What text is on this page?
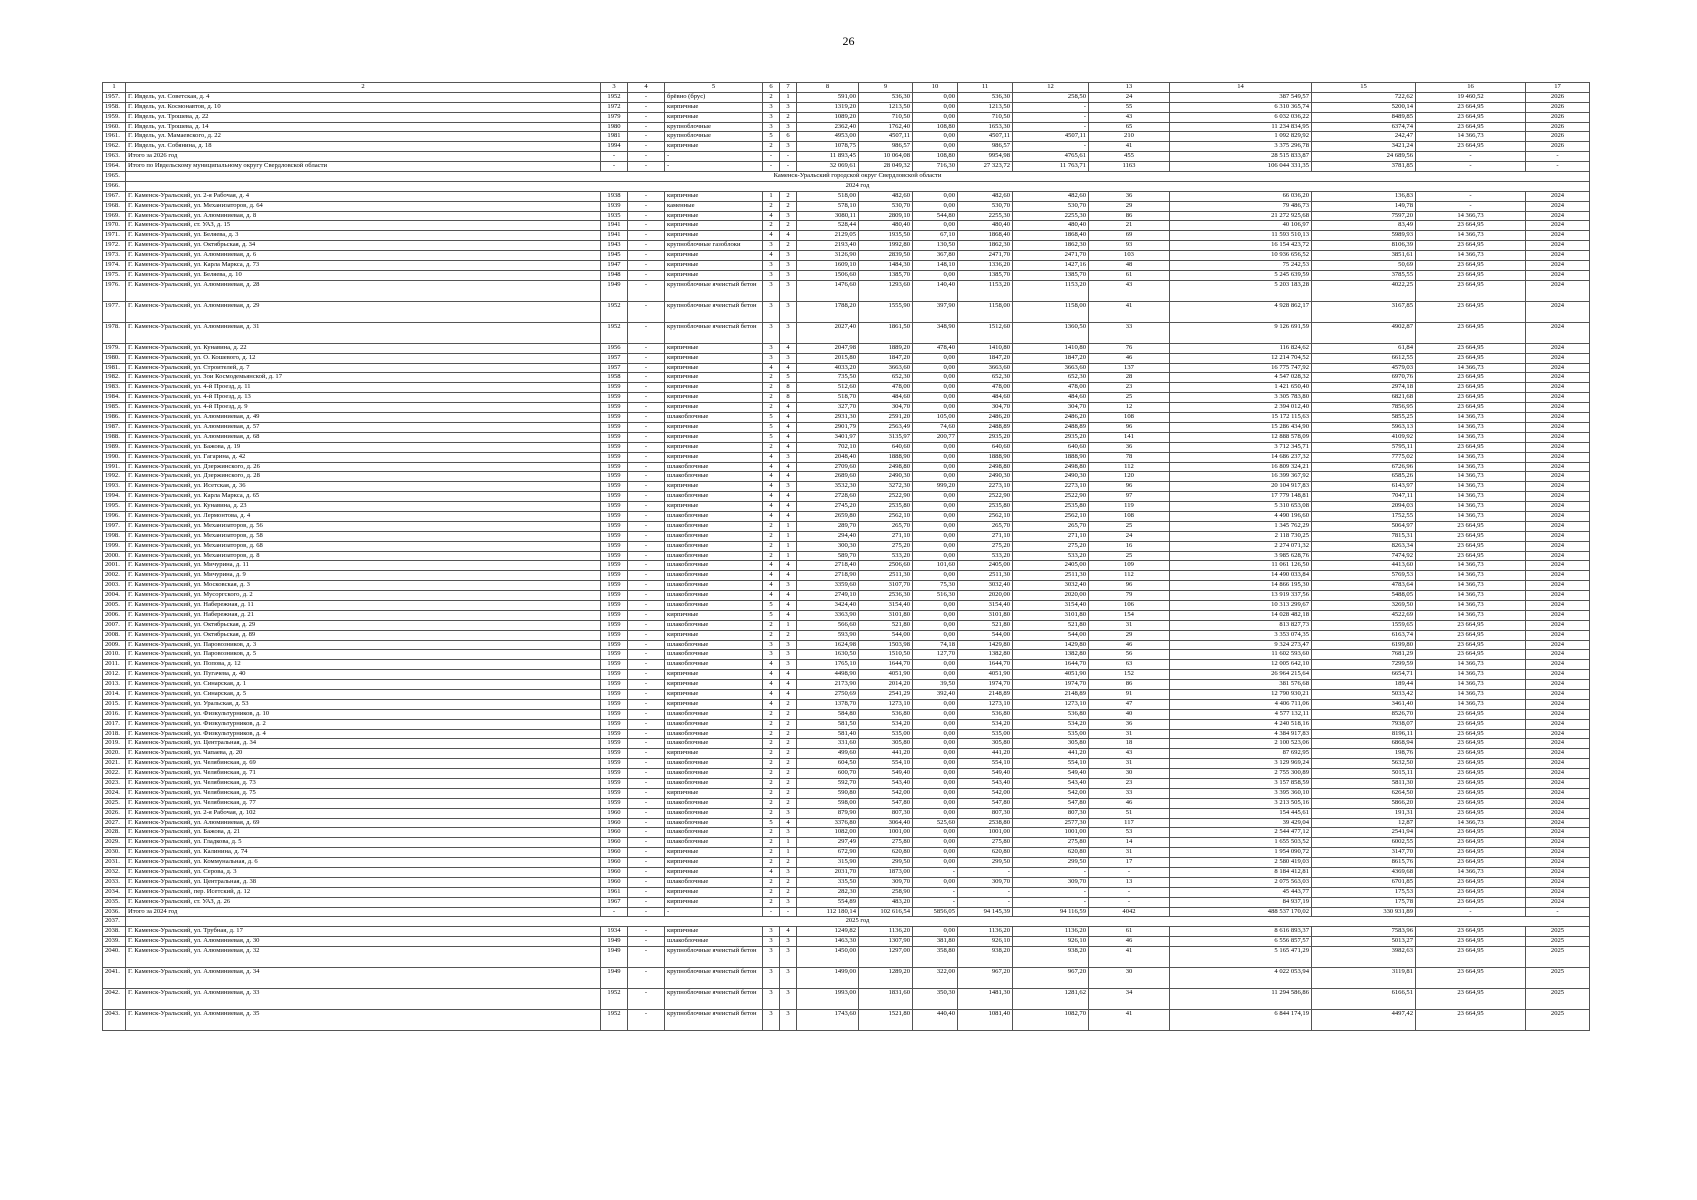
26
1	2	3	4	5	6	7	8	9	10	11	12	13	14	15	16	17
1957.	Г. Ивдель, ул. Советская, д. 4	1952	-	брёвно (брус)	2	1	591,00	536,30	0,00	536,30	258,50	24	387 549,57	722,62	19 460,52	2026
1958.	Г. Ивдель, ул. Космонавтов, д. 10	1972	-	кирпичные	3	3	1319,20	1213,50	0,00	1213,50	-	55	6 310 365,74	5200,14	23 664,95	2026
1959.	Г. Ивдель, ул. Трошева, д. 22	1979	-	кирпичные	3	2	1089,20	710,50	0,00	710,50	-	43	6 032 036,22	8489,85	23 664,95	2026
1960.	Г. Ивдель, ул. Трошева, д. 14	1980	-	крупноблочные	3	3	2362,40	1762,40	108,80	1653,30	-	65	11 234 834,95	6374,74	23 664,95	2026
1961.	Г. Ивдель, ул. Мамаевского, д. 22	1981	-	крупноблочные	5	6	4953,00	4507,11	0,00	4507,11	4507,11	210	1 092 829,92	242,47	14 366,73	2026
1962.	Г. Ивдель, ул. Собянина, д. 18	1994	-	кирпичные	2	3	1078,75	986,57	0,00	986,57	-	41	3 375 296,78	3421,24	23 664,95	2026
1963.	Итого за 2026 год	-	-	-	-	-	11 893,45	10 064,08	108,80	9954,98	4765,61	455	28 515 833,87	24 689,56	-	-
1964.	Итого по Ивдельскому муниципальному округу Свердловской области	-	-	-	-	-	32 069,61	28 049,32	716,30	27 323,72	11 763,71	1163	106 044 331,35	3781,85	-	-
1965.	Каменск-Уральский городской округ Свердловской области															
1966.	2024 год															
1967.	Г. Каменск-Уральский, ул. 2-я Рабочая, д. 4	1938	-	кирпичные	1	2	518,00	482,60	0,00	482,60	482,60	36	66 036,20	136,83	-	2024
1968.	Г. Каменск-Уральский, ул. Механизаторов, д. 64	1939	-	каменные	2	2	578,10	530,70	0,00	530,70	530,70	29	79 486,73	149,78	-	2024
1969.	Г. Каменск-Уральский, ул. Алюминиевая, д. 8	1935	-	кирпичные	4	3	3080,11	2809,10	544,80	2255,30	2255,30	86	21 272 925,68	7597,20	14 366,73	2024
1970.	Г. Каменск-Уральский, ст. УАЗ, д. 15	1941	-	кирпичные	2	2	528,44	480,40	0,00	480,40	480,40	21	40 106,97	83,49	23 664,95	2024
1971.	Г. Каменск-Уральский, ул. Беляева, д. 3	1941	-	кирпичные	4	4	2129,05	1935,50	67,10	1868,40	1868,40	69	11 593 510,13	5989,93	14 366,73	2024
1972.	Г. Каменск-Уральский, ул. Октябрьская, д. 34	1943	-	крупноблочные газоблоки	3	2	2193,40	1992,80	130,50	1862,30	1862,30	93	16 154 423,72	8106,39	23 664,95	2024
1973.	Г. Каменск-Уральский, ул. Алюминиевая, д. 6	1945	-	кирпичные	4	3	3126,90	2839,50	367,80	2471,70	2471,70	103	10 936 656,52	3851,61	14 366,73	2024
1974.	Г. Каменск-Уральский, ул. Карла Маркса, д. 73	1947	-	кирпичные	3	3	1609,10	1484,30	148,10	1336,20	1427,16	48	75 242,53	50,69	23 664,95	2024
1975.	Г. Каменск-Уральский, ул. Беляева, д. 10	1948	-	кирпичные	3	3	1506,60	1385,70	0,00	1385,70	1385,70	61	5 245 639,59	3785,55	23 664,95	2024
1976.	Г. Каменск-Уральский, ул. Алюминиевая, д. 28	1949	-	крупноблочные ячеистый бетон	3	3	1476,60	1293,60	140,40	1153,20	1153,20	43	5 203 183,28	4022,25	23 664,95	2024
1977.	Г. Каменск-Уральский, ул. Алюминиевая, д. 29	1952	-	крупноблочные ячеистый бетон	3	3	1788,20	1555,90	397,90	1158,00	1158,00	41	4 928 862,17	3167,85	23 664,95	2024
1978.	Г. Каменск-Уральский, ул. Алюминиевая, д. 31	1952	-	крупноблочные ячеистый бетон	3	3	2027,40	1861,50	348,90	1512,60	1360,50	33	9 126 691,59	4902,87	23 664,95	2024
1979.	Г. Каменск-Уральский, ул. Кунавина, д. 22	1956	-	кирпичные	3	4	2047,98	1889,20	478,40	1410,80	1410,80	76	116 824,62	61,84	23 664,95	2024
1980.	Г. Каменск-Уральский, ул. О. Кошевого, д. 12	1957	-	кирпичные	3	3	2015,80	1847,20	0,00	1847,20	1847,20	46	12 214 704,52	6612,55	23 664,95	2024
1981.	Г. Каменск-Уральский, ул. Строителей, д. 7	1957	-	кирпичные	4	4	4033,20	3663,60	0,00	3663,60	3663,60	137	16 775 747,92	4579,03	14 366,73	2024
1982.	Г. Каменск-Уральский, ул. Зои Космодемьянской, д. 17	1958	-	кирпичные	2	5	735,50	652,30	0,00	652,30	652,30	28	4 547 028,32	6970,76	23 664,95	2024
1983.	Г. Каменск-Уральский, ул. 4-й Проезд, д. 11	1959	-	кирпичные	2	8	512,60	478,00	0,00	478,00	478,00	23	1 421 650,40	2974,18	23 664,95	2024
1984.	Г. Каменск-Уральский, ул. 4-й Проезд, д. 13	1959	-	кирпичные	2	8	518,70	484,60	0,00	484,60	484,60	25	3 305 783,80	6821,68	23 664,95	2024
1985.	Г. Каменск-Уральский, ул. 4-й Проезд, д. 9	1959	-	кирпичные	2	4	327,70	304,70	0,00	304,70	304,70	12	2 394 012,40	7856,95	23 664,95	2024
1986.	Г. Каменск-Уральский, ул. Алюминиевая, д. 49	1959	-	шлакоблочные	5	4	2931,30	2591,20	105,00	2486,20	2486,20	108	15 172 115,63	5855,25	14 366,73	2024
1987.	Г. Каменск-Уральский, ул. Алюминиевая, д. 57	1959	-	кирпичные	5	4	2901,79	2563,49	74,60	2488,89	2488,89	96	15 286 434,90	5963,13	14 366,73	2024
1988.	Г. Каменск-Уральский, ул. Алюминиевая, д. 68	1959	-	кирпичные	5	4	3401,97	3135,97	200,77	2935,20	2935,20	141	12 888 578,09	4109,92	14 366,73	2024
1989.	Г. Каменск-Уральский, ул. Бажова, д. 19	1959	-	кирпичные	2	4	702,10	640,60	0,00	640,60	640,60	36	3 712 345,71	5795,11	23 664,95	2024
1990.	Г. Каменск-Уральский, ул. Гагарина, д. 42	1959	-	кирпичные	4	3	2048,40	1888,90	0,00	1888,90	1888,90	78	14 686 237,32	7775,02	14 366,73	2024
1991.	Г. Каменск-Уральский, ул. Дзержинского, д. 26	1959	-	шлакоблочные	4	4	2709,60	2498,80	0,00	2498,80	2498,80	112	16 809 324,21	6726,96	14 366,73	2024
1992.	Г. Каменск-Уральский, ул. Дзержинского, д. 28	1959	-	шлакоблочные	4	4	2689,60	2490,30	0,00	2490,30	2490,30	120	16 399 367,92	6585,26	14 366,73	2024
1993.	Г. Каменск-Уральский, ул. Исетская, д. 36	1959	-	кирпичные	4	3	3532,30	3272,30	999,20	2273,10	2273,10	96	20 104 917,83	6143,97	14 366,73	2024
1994.	Г. Каменск-Уральский, ул. Карла Маркса, д. 65	1959	-	шлакоблочные	4	4	2728,60	2522,90	0,00	2522,90	2522,90	97	17 779 148,81	7047,11	14 366,73	2024
1995.	Г. Каменск-Уральский, ул. Кунавина, д. 23	1959	-	кирпичные	4	4	2745,20	2535,80	0,00	2535,80	2535,80	119	5 310 653,08	2094,03	14 366,73	2024
1996.	Г. Каменск-Уральский, ул. Лермонтова, д. 4	1959	-	шлакоблочные	4	4	2659,80	2562,10	0,00	2562,10	2562,10	108	4 490 196,60	1752,55	14 366,73	2024
1997.	Г. Каменск-Уральский, ул. Механизаторов, д. 56	1959	-	шлакоблочные	2	1	289,70	265,70	0,00	265,70	265,70	25	1 345 762,29	5064,97	23 664,95	2024
1998.	Г. Каменск-Уральский, ул. Механизаторов, д. 58	1959	-	шлакоблочные	2	1	294,40	271,10	0,00	271,10	271,10	24	2 118 730,25	7815,31	23 664,95	2024
1999.	Г. Каменск-Уральский, ул. Механизаторов, д. 68	1959	-	шлакоблочные	2	1	300,30	275,20	0,00	275,20	275,20	16	2 274 071,32	8263,34	23 664,95	2024
2000.	Г. Каменск-Уральский, ул. Механизаторов, д. 8	1959	-	шлакоблочные	2	1	589,70	533,20	0,00	533,20	533,20	25	3 985 628,76	7474,92	23 664,95	2024
2001.	Г. Каменск-Уральский, ул. Мичурина, д. 11	1959	-	шлакоблочные	4	4	2718,40	2506,60	101,60	2405,00	2405,00	109	11 061 126,50	4413,60	14 366,73	2024
2002.	Г. Каменск-Уральский, ул. Мичурина, д. 9	1959	-	шлакоблочные	4	4	2718,90	2511,30	0,00	2511,30	2511,30	112	14 490 033,84	5769,53	14 366,73	2024
2003.	Г. Каменск-Уральский, ул. Московская, д. 3	1959	-	шлакоблочные	4	3	3359,60	3107,70	75,30	3032,40	3032,40	96	14 866 195,30	4783,64	14 366,73	2024
2004.	Г. Каменск-Уральский, ул. Мусоргского, д. 2	1959	-	шлакоблочные	4	4	2749,10	2536,30	516,30	2020,00	2020,00	79	13 919 337,56	5488,05	14 366,73	2024
2005.	Г. Каменск-Уральский, ул. Набережная, д. 11	1959	-	шлакоблочные	5	4	3424,40	3154,40	0,00	3154,40	3154,40	106	10 313 299,67	3269,50	14 366,73	2024
2006.	Г. Каменск-Уральский, ул. Набережная, д. 21	1959	-	кирпичные	5	4	3363,90	3101,80	0,00	3101,80	3101,80	154	14 028 482,18	4522,69	14 366,73	2024
2007.	Г. Каменск-Уральский, ул. Октябрьская, д. 29	1959	-	шлакоблочные	2	1	566,60	521,80	0,00	521,80	521,80	31	813 827,73	1559,65	23 664,95	2024
2008.	Г. Каменск-Уральский, ул. Октябрьская, д. 89	1959	-	кирпичные	2	2	593,90	544,00	0,00	544,00	544,00	29	3 353 074,35	6163,74	23 664,95	2024
2009.	Г. Каменск-Уральский, ул. Паровозников, д. 3	1959	-	шлакоблочные	3	3	1624,98	1503,98	74,18	1429,80	1429,80	46	9 324 273,47	6199,80	23 664,95	2024
2010.	Г. Каменск-Уральский, ул. Паровозников, д. 5	1959	-	шлакоблочные	3	3	1630,50	1510,50	127,70	1382,80	1382,80	56	11 602 593,60	7681,29	23 664,95	2024
2011.	Г. Каменск-Уральский, ул. Попова, д. 12	1959	-	шлакоблочные	4	3	1765,10	1644,70	0,00	1644,70	1644,70	63	12 005 642,10	7299,59	14 366,73	2024
2012.	Г. Каменск-Уральский, ул. Пугачева, д. 40	1959	-	кирпичные	4	4	4498,90	4051,90	0,00	4051,90	4051,90	152	26 964 215,64	6654,71	14 366,73	2024
2013.	Г. Каменск-Уральский, ул. Синарская, д. 1	1959	-	кирпичные	4	4	2173,90	2014,20	39,50	1974,70	1974,70	86	381 576,68	189,44	14 366,73	2024
2014.	Г. Каменск-Уральский, ул. Синарская, д. 5	1959	-	кирпичные	4	4	2750,69	2541,29	392,40	2148,89	2148,89	91	12 790 930,21	5033,42	14 366,73	2024
2015.	Г. Каменск-Уральский, ул. Уральская, д. 53	1959	-	кирпичные	4	2	1378,70	1273,10	0,00	1273,10	1273,10	47	4 406 711,06	3461,40	14 366,73	2024
2016.	Г. Каменск-Уральский, ул. Физкультурников, д. 10	1959	-	шлакоблочные	2	2	584,80	536,80	0,00	536,80	536,80	40	4 577 132,11	8526,70	23 664,95	2024
2017.	Г. Каменск-Уральский, ул. Физкультурников, д. 2	1959	-	шлакоблочные	2	2	581,50	534,20	0,00	534,20	534,20	36	4 240 518,16	7938,07	23 664,95	2024
2018.	Г. Каменск-Уральский, ул. Физкультурников, д. 4	1959	-	шлакоблочные	2	2	581,40	535,00	0,00	535,00	535,00	31	4 384 917,83	8196,11	23 664,95	2024
2019.	Г. Каменск-Уральский, ул. Центральная, д. 34	1959	-	шлакоблочные	2	2	331,60	305,80	0,00	305,80	305,80	18	2 100 523,06	6868,94	23 664,95	2024
2020.	Г. Каменск-Уральский, ул. Чапаева, д. 20	1959	-	кирпичные	2	2	499,60	441,20	0,00	441,20	441,20	43	87 692,95	198,76	23 664,95	2024
2021.	Г. Каменск-Уральский, ул. Челябинская, д. 69	1959	-	шлакоблочные	2	2	604,50	554,10	0,00	554,10	554,10	31	3 129 969,24	5632,50	23 664,95	2024
2022.	Г. Каменск-Уральский, ул. Челябинская, д. 71	1959	-	шлакоблочные	2	2	600,70	549,40	0,00	549,40	549,40	30	2 755 300,89	5015,11	23 664,95	2024
2023.	Г. Каменск-Уральский, ул. Челябинская, д. 73	1959	-	шлакоблочные	2	2	592,70	543,40	0,00	543,40	543,40	23	3 157 858,59	5811,30	23 664,95	2024
2024.	Г. Каменск-Уральский, ул. Челябинская, д. 75	1959	-	кирпичные	2	2	590,80	542,00	0,00	542,00	542,00	33	3 395 360,10	6264,50	23 664,95	2024
2025.	Г. Каменск-Уральский, ул. Челябинская, д. 77	1959	-	шлакоблочные	2	2	598,00	547,80	0,00	547,80	547,80	46	3 213 505,16	5866,20	23 664,95	2024
2026.	Г. Каменск-Уральский, ул. 2-я Рабочая, д. 102	1960	-	шлакоблочные	2	3	879,90	807,30	0,00	807,30	807,30	51	154 445,61	191,31	23 664,95	2024
2027.	Г. Каменск-Уральский, ул. Алюминиевая, д. 69	1960	-	шлакоблочные	5	4	3376,80	3064,40	525,60	2538,80	2577,30	117	39 429,04	12,87	14 366,73	2024
2028.	Г. Каменск-Уральский, ул. Бажова, д. 21	1960	-	шлакоблочные	2	3	1082,00	1001,00	0,00	1001,00	1001,00	53	2 544 477,12	2541,94	23 664,95	2024
2029.	Г. Каменск-Уральский, ул. Гладкова, д. 5	1960	-	шлакоблочные	2	1	297,49	275,80	0,00	275,80	275,80	14	1 655 503,52	6002,55	23 664,95	2024
2030.	Г. Каменск-Уральский, ул. Калинина, д. 74	1960	-	кирпичные	2	1	672,90	620,80	0,00	620,80	620,80	31	1 954 090,72	3147,70	23 664,95	2024
2031.	Г. Каменск-Уральский, ул. Коммунальная, д. 6	1960	-	кирпичные	2	2	315,90	299,50	0,00	299,50	299,50	17	2 580 419,03	8615,76	23 664,95	2024
2032.	Г. Каменск-Уральский, ул. Серова, д. 3	1960	-	кирпичные	4	3	2031,70	1873,00	-	-	-	-	8 184 412,81	4369,68	14 366,73	2024
2033.	Г. Каменск-Уральский, ул. Центральная, д. 38	1960	-	шлакоблочные	2	2	335,50	309,70	0,00	309,70	309,70	13	2 075 563,03	6701,85	23 664,95	2024
2034.	Г. Каменск-Уральский, пер. Исетский, д. 12	1961	-	кирпичные	2	2	282,30	258,90	-	-	-	-	45 443,77	175,53	23 664,95	2024
2035.	Г. Каменск-Уральский, ст. УАЗ, д. 26	1967	-	кирпичные	2	3	554,89	483,20	-	-	-	-	84 937,19	175,78	23 664,95	2024
2036.	Итого за 2024 год	-	-	-	-	-	112 180,14	102 616,54	5856,05	94 145,39	94 116,59	4042	488 537 170,02	330 931,89	-	-
2037.	2025 год															
2038.	Г. Каменск-Уральский, ул. Трубная, д. 17	1934	-	кирпичные	3	4	1249,82	1136,20	0,00	1136,20	1136,20	61	8 616 893,37	7583,96	23 664,95	2025
2039.	Г. Каменск-Уральский, ул. Алюминиевая, д. 30	1949	-	шлакоблочные	3	3	1463,30	1307,90	381,80	926,10	926,10	46	6 556 857,57	5013,27	23 664,95	2025
2040.	Г. Каменск-Уральский, ул. Алюминиевая, д. 32	1949	-	крупноблочные ячеистый бетон	3	3	1450,00	1297,00	358,80	938,20	938,20	41	5 165 471,29	3982,63	23 664,95	2025
2041.	Г. Каменск-Уральский, ул. Алюминиевая, д. 34	1949	-	крупноблочные ячеистый бетон	3	3	1499,00	1289,20	322,00	967,20	967,20	30	4 022 053,94	3119,81	23 664,95	2025
2042.	Г. Каменск-Уральский, ул. Алюминиевая, д. 33	1952	-	крупноблочные ячеистый бетон	3	3	1993,00	1831,60	350,30	1481,30	1281,62	34	11 294 586,86	6166,51	23 664,95	2025
2043.	Г. Каменск-Уральский, ул. Алюминиевая, д. 35	1952	-	крупноблочные ячеистый бетон	3	3	1743,60	1521,80	440,40	1081,40	1082,70	41	6 844 174,19	4497,42	23 664,95	2025
